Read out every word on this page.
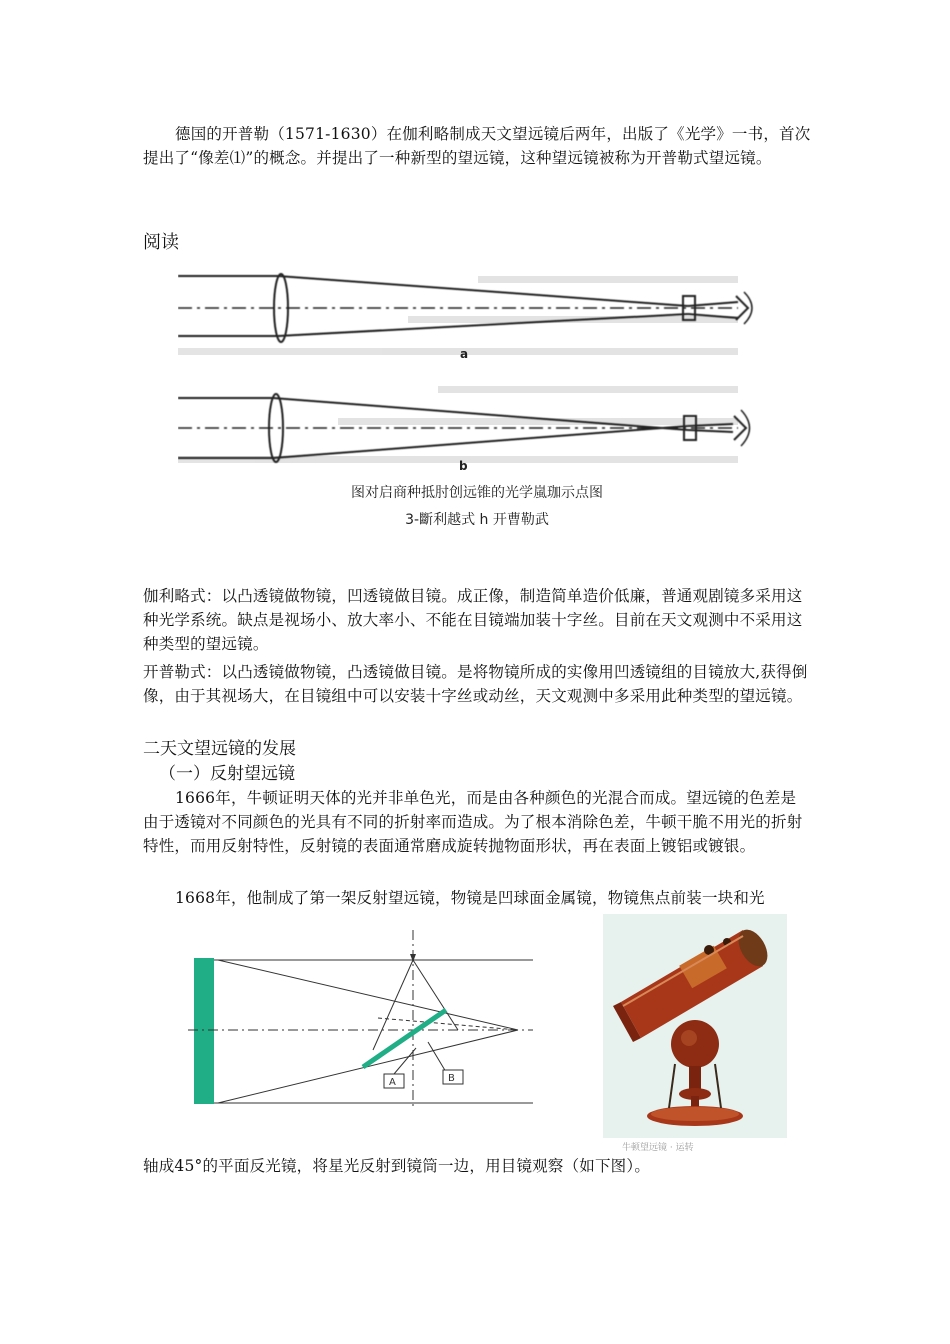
德国的开普勒（1571-1630）在伽利略制成天文望远镜后两年，出版了《光学》一书，首次提出了“像差⑴”的概念。并提出了一种新型的望远镜，这种望远镜被称为开普勒式望远镜。
阅读
a
b
图对启商种抵肘创远锥的光学嵐珈示点图
3-斷利越式 h 开曹勒武
伽利略式：以凸透镜做物镜，凹透镜做目镜。成正像，制造简单造价低廉，普通观剧镜多采用这种光学系统。缺点是视场小、放大率小、不能在目镜端加装十字丝。目前在天文观测中不采用这种类型的望远镜。
开普勒式：以凸透镜做物镜，凸透镜做目镜。是将物镜所成的实像用凹透镜组的目镜放大,获得倒像，由于其视场大，在目镜组中可以安装十字丝或动丝，天文观测中多采用此种类型的望远镜。
二天文望远镜的发展
（一）反射望远镜
1666年，牛顿证明天体的光并非单色光，而是由各种颜色的光混合而成。望远镜的色差是由于透镜对不同颜色的光具有不同的折射率而造成。为了根本消除色差，牛顿干脆不用光的折射特性，而用反射特性，反射镜的表面通常磨成旋转抛物面形状，再在表面上镀铝或镀银。
1668年，他制成了第一架反射望远镜，物镜是凹球面金属镜，物镜焦点前装一块和光
A	B
牛顿望远镜 · 运转
轴成45°的平面反光镜，将星光反射到镜筒一边，用目镜观察（如下图）。
